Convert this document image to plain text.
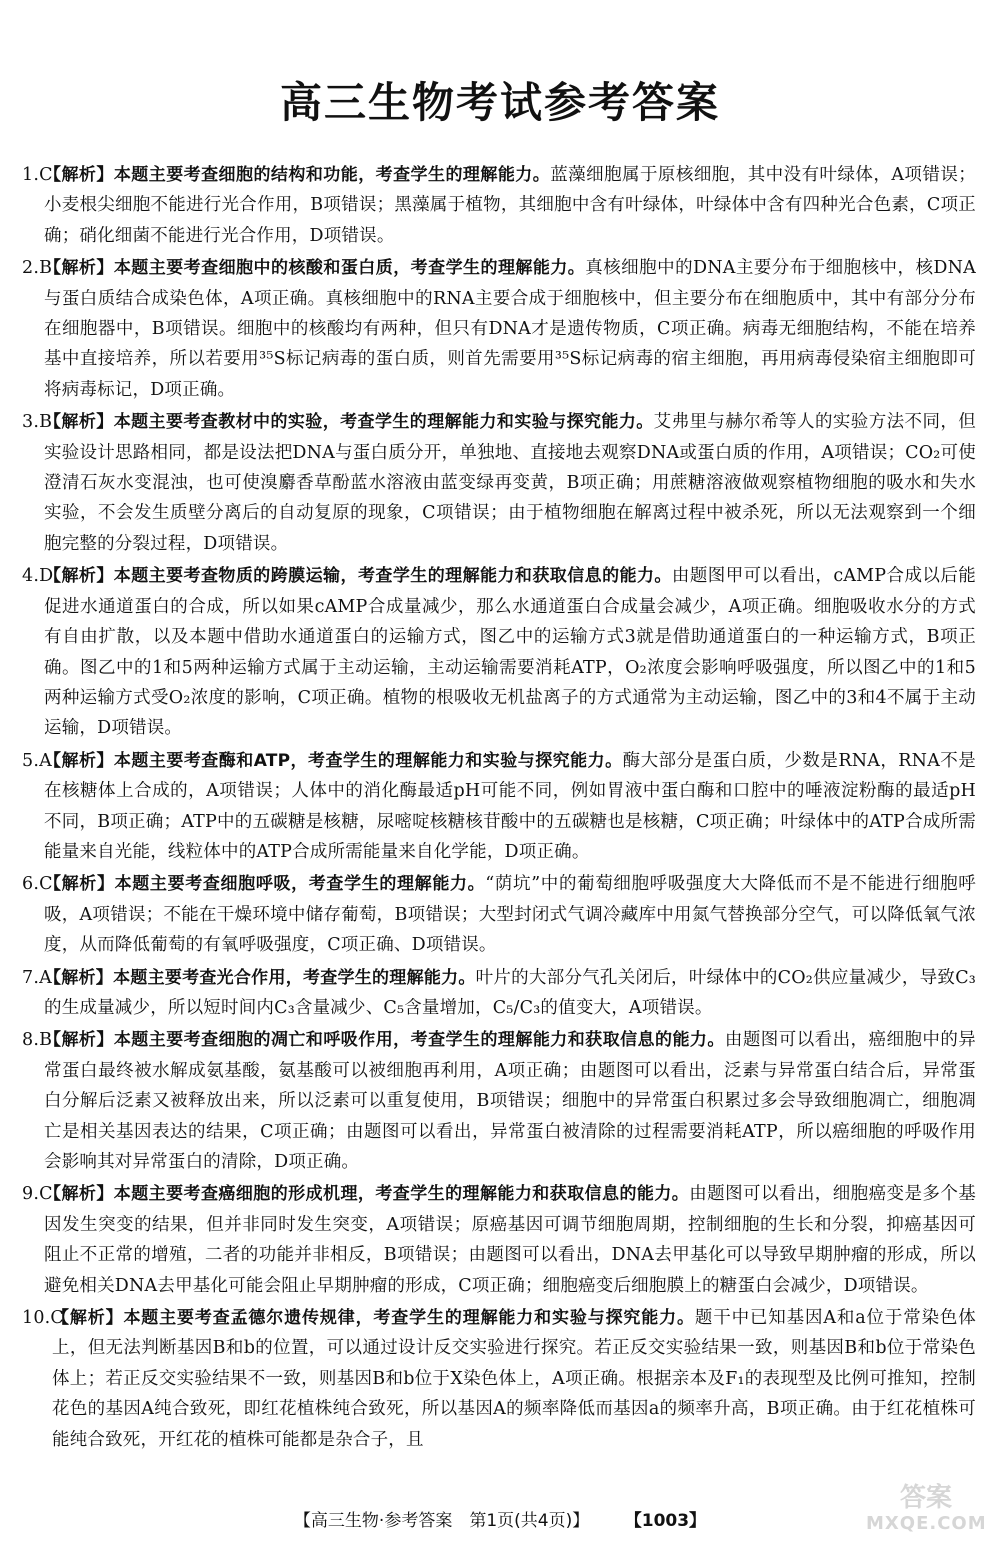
高三生物考试参考答案
1.C
【解析】本题主要考查细胞的结构和功能，考查学生的理解能力。蓝藻细胞属于原核细胞，其中没有叶绿体，A项错误；小麦根尖细胞不能进行光合作用，B项错误；黑藻属于植物，其细胞中含有叶绿体，叶绿体中含有四种光合色素，C项正确；硝化细菌不能进行光合作用，D项错误。
2.B
【解析】本题主要考查细胞中的核酸和蛋白质，考查学生的理解能力。真核细胞中的DNA主要分布于细胞核中，核DNA与蛋白质结合成染色体，A项正确。真核细胞中的RNA主要合成于细胞核中，但主要分布在细胞质中，其中有部分分布在细胞器中，B项错误。细胞中的核酸均有两种，但只有DNA才是遗传物质，C项正确。病毒无细胞结构，不能在培养基中直接培养，所以若要用³⁵S标记病毒的蛋白质，则首先需要用³⁵S标记病毒的宿主细胞，再用病毒侵染宿主细胞即可将病毒标记，D项正确。
3.B
【解析】本题主要考查教材中的实验，考查学生的理解能力和实验与探究能力。艾弗里与赫尔希等人的实验方法不同，但实验设计思路相同，都是设法把DNA与蛋白质分开，单独地、直接地去观察DNA或蛋白质的作用，A项错误；CO₂可使澄清石灰水变混浊，也可使溴麝香草酚蓝水溶液由蓝变绿再变黄，B项正确；用蔗糖溶液做观察植物细胞的吸水和失水实验，不会发生质壁分离后的自动复原的现象，C项错误；由于植物细胞在解离过程中被杀死，所以无法观察到一个细胞完整的分裂过程，D项错误。
4.D
【解析】本题主要考查物质的跨膜运输，考查学生的理解能力和获取信息的能力。由题图甲可以看出，cAMP合成以后能促进水通道蛋白的合成，所以如果cAMP合成量减少，那么水通道蛋白合成量会减少，A项正确。细胞吸收水分的方式有自由扩散，以及本题中借助水通道蛋白的运输方式，图乙中的运输方式3就是借助通道蛋白的一种运输方式，B项正确。图乙中的1和5两种运输方式属于主动运输，主动运输需要消耗ATP，O₂浓度会影响呼吸强度，所以图乙中的1和5两种运输方式受O₂浓度的影响，C项正确。植物的根吸收无机盐离子的方式通常为主动运输，图乙中的3和4不属于主动运输，D项错误。
5.A
【解析】本题主要考查酶和ATP，考查学生的理解能力和实验与探究能力。酶大部分是蛋白质，少数是RNA，RNA不是在核糖体上合成的，A项错误；人体中的消化酶最适pH可能不同，例如胃液中蛋白酶和口腔中的唾液淀粉酶的最适pH不同，B项正确；ATP中的五碳糖是核糖，尿嘧啶核糖核苷酸中的五碳糖也是核糖，C项正确；叶绿体中的ATP合成所需能量来自光能，线粒体中的ATP合成所需能量来自化学能，D项正确。
6.C
【解析】本题主要考查细胞呼吸，考查学生的理解能力。“荫坑”中的葡萄细胞呼吸强度大大降低而不是不能进行细胞呼吸，A项错误；不能在干燥环境中储存葡萄，B项错误；大型封闭式气调冷藏库中用氮气替换部分空气，可以降低氧气浓度，从而降低葡萄的有氧呼吸强度，C项正确、D项错误。
7.A
【解析】本题主要考查光合作用，考查学生的理解能力。叶片的大部分气孔关闭后，叶绿体中的CO₂供应量减少，导致C₃的生成量减少，所以短时间内C₃含量减少、C₅含量增加，C₅/C₃的值变大，A项错误。
8.B
【解析】本题主要考查细胞的凋亡和呼吸作用，考查学生的理解能力和获取信息的能力。由题图可以看出，癌细胞中的异常蛋白最终被水解成氨基酸，氨基酸可以被细胞再利用，A项正确；由题图可以看出，泛素与异常蛋白结合后，异常蛋白分解后泛素又被释放出来，所以泛素可以重复使用，B项错误；细胞中的异常蛋白积累过多会导致细胞凋亡，细胞凋亡是相关基因表达的结果，C项正确；由题图可以看出，异常蛋白被清除的过程需要消耗ATP，所以癌细胞的呼吸作用会影响其对异常蛋白的清除，D项正确。
9.C
【解析】本题主要考查癌细胞的形成机理，考查学生的理解能力和获取信息的能力。由题图可以看出，细胞癌变是多个基因发生突变的结果，但并非同时发生突变，A项错误；原癌基因可调节细胞周期，控制细胞的生长和分裂，抑癌基因可阻止不正常的增殖，二者的功能并非相反，B项错误；由题图可以看出，DNA去甲基化可以导致早期肿瘤的形成，所以避免相关DNA去甲基化可能会阻止早期肿瘤的形成，C项正确；细胞癌变后细胞膜上的糖蛋白会减少，D项错误。
10.C
【解析】本题主要考查孟德尔遗传规律，考查学生的理解能力和实验与探究能力。题干中已知基因A和a位于常染色体上，但无法判断基因B和b的位置，可以通过设计反交实验进行探究。若正反交实验结果一致，则基因B和b位于常染色体上；若正反交实验结果不一致，则基因B和b位于X染色体上，A项正确。根据亲本及F₁的表现型及比例可推知，控制花色的基因A纯合致死，即红花植株纯合致死，所以基因A的频率降低而基因a的频率升高，B项正确。由于红花植株可能纯合致死，开红花的植株可能都是杂合子，且
【高三生物·参考答案　第1页(共4页)】	【1003】
答案
MXQE.COM
